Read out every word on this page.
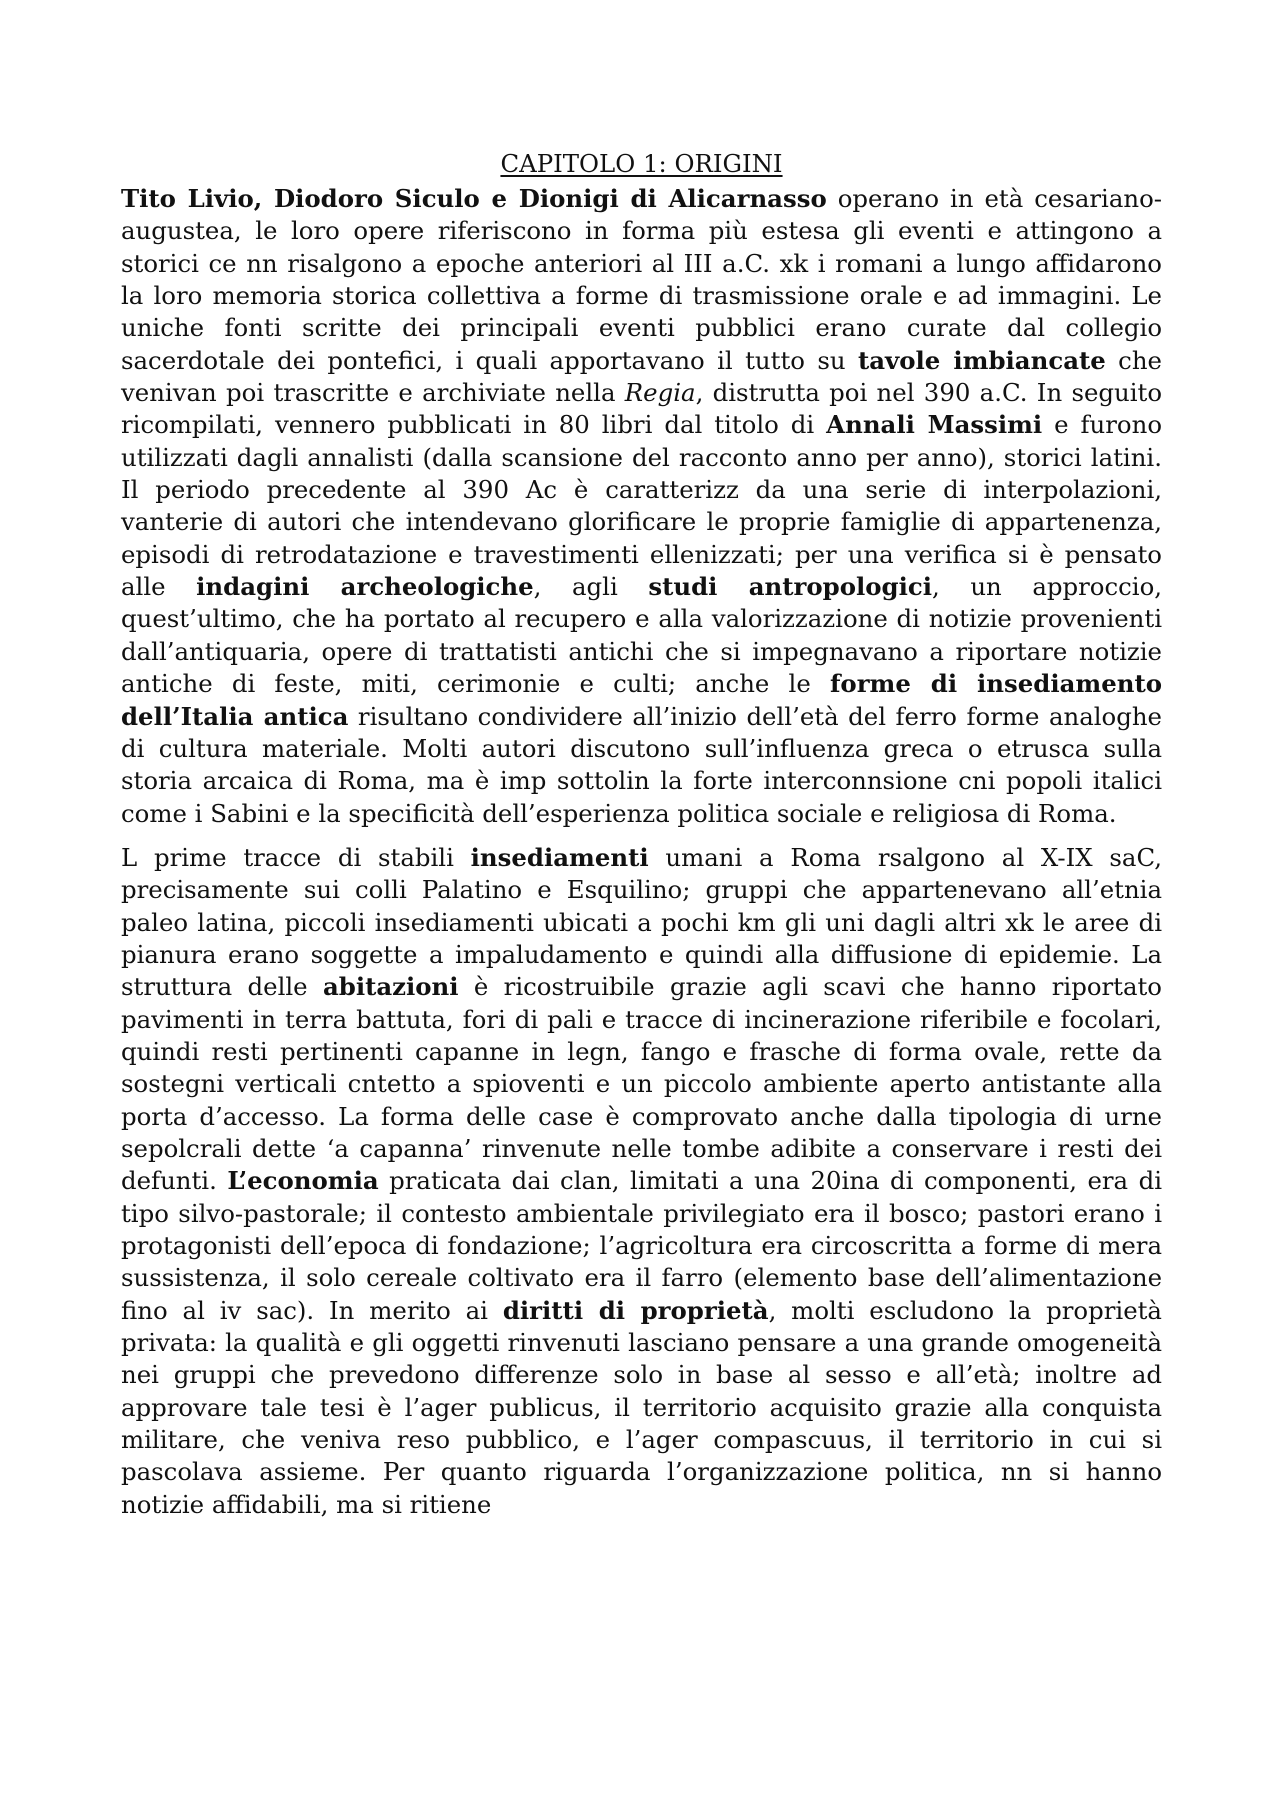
CAPITOLO 1: ORIGINI

Tito Livio, Diodoro Siculo e Dionigi di Alicarnasso operano in età cesariano-augustea, le loro opere riferiscono in forma più estesa gli eventi e attingono a storici ce nn risalgono a epoche anteriori al III a.C. xk i romani a lungo affidarono la loro memoria storica collettiva a forme di trasmissione orale e ad immagini. Le uniche fonti scritte dei principali eventi pubblici erano curate dal collegio sacerdotale dei pontefici, i quali apportavano il tutto su tavole imbiancate che venivan poi trascritte e archiviate nella Regia, distrutta poi nel 390 a.C. In seguito ricompilati, vennero pubblicati in 80 libri dal titolo di Annali Massimi e furono utilizzati dagli annalisti (dalla scansione del racconto anno per anno), storici latini. Il periodo precedente al 390 Ac è caratterizz da una serie di interpolazioni, vanterie di autori che intendevano glorificare le proprie famiglie di appartenenza, episodi di retrodatazione e travestimenti ellenizzati; per una verifica si è pensato alle indagini archeologiche, agli studi antropologici, un approccio, quest’ultimo, che ha portato al recupero e alla valorizzazione di notizie provenienti dall’antiquaria, opere di trattatisti antichi che si impegnavano a riportare notizie antiche di feste, miti, cerimonie e culti; anche le forme di insediamento dell’Italia antica risultano condividere all’inizio dell’età del ferro forme analoghe di cultura materiale. Molti autori discutono sull’influenza greca o etrusca sulla storia arcaica di Roma, ma è imp sottolin la forte interconnsione cni popoli italici come i Sabini e la specificità dell’esperienza politica sociale e religiosa di Roma.

L prime tracce di stabili insediamenti umani a Roma rsalgono al X-IX saC, precisamente sui colli Palatino e Esquilino; gruppi che appartenevano all’etnia paleo latina, piccoli insediamenti ubicati a pochi km gli uni dagli altri xk le aree di pianura erano soggette a impaludamento e quindi alla diffusione di epidemie. La struttura delle abitazioni è ricostruibile grazie agli scavi che hanno riportato pavimenti in terra battuta, fori di pali e tracce di incinerazione riferibile e focolari, quindi resti pertinenti capanne in legn, fango e frasche di forma ovale, rette da sostegni verticali cntetto a spioventi e un piccolo ambiente aperto antistante alla porta d’accesso. La forma delle case è comprovato anche dalla tipologia di urne sepolcrali dette ‘a capanna’ rinvenute nelle tombe adibite a conservare i resti dei defunti. L’economia praticata dai clan, limitati a una 20ina di componenti, era di tipo silvo-pastorale; il contesto ambientale privilegiato era il bosco; pastori erano i protagonisti dell’epoca di fondazione; l’agricoltura era circoscritta a forme di mera sussistenza, il solo cereale coltivato era il farro (elemento base dell’alimentazione fino al iv sac). In merito ai diritti di proprietà, molti escludono la proprietà privata: la qualità e gli oggetti rinvenuti lasciano pensare a una grande omogeneità nei gruppi che prevedono differenze solo in base al sesso e all’età; inoltre ad approvare tale tesi è l’ager publicus, il territorio acquisito grazie alla conquista militare, che veniva reso pubblico, e l’ager compascuus, il territorio in cui si pascolava assieme. Per quanto riguarda l’organizzazione politica, nn si hanno notizie affidabili, ma si ritiene
